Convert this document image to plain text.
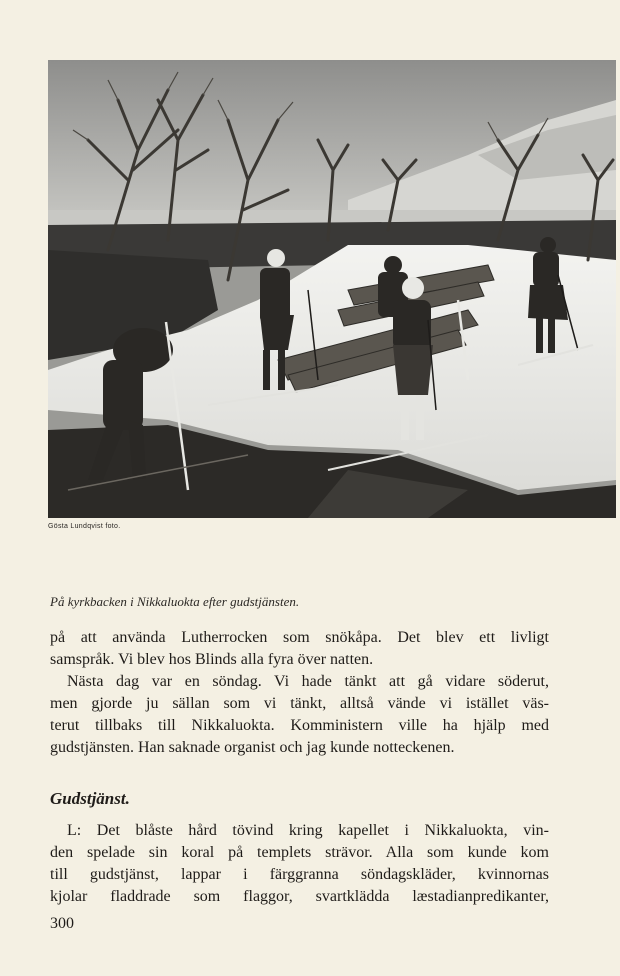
Gösta Lundqvist foto.
På kyrkbacken i Nikkaluokta efter gudstjänsten.
på att använda Lutherrocken som snökåpa. Det blev ett livligt
samspråk. Vi blev hos Blinds alla fyra över natten.
Nästa dag var en söndag. Vi hade tänkt att gå vidare söderut,
men gjorde ju sällan som vi tänkt, alltså vände vi istället väs-
terut tillbaks till Nikkaluokta. Komministern ville ha hjälp med
gudstjänsten. Han saknade organist och jag kunde notteckenen.
Gudstjänst.
L: Det blåste hård tövind kring kapellet i Nikkaluokta, vin-
den spelade sin koral på templets strävor. Alla som kunde kom
till gudstjänst, lappar i färggranna söndagskläder, kvinnornas
kjolar fladdrade som flaggor, svartklädda læstadianpredikanter,
300
